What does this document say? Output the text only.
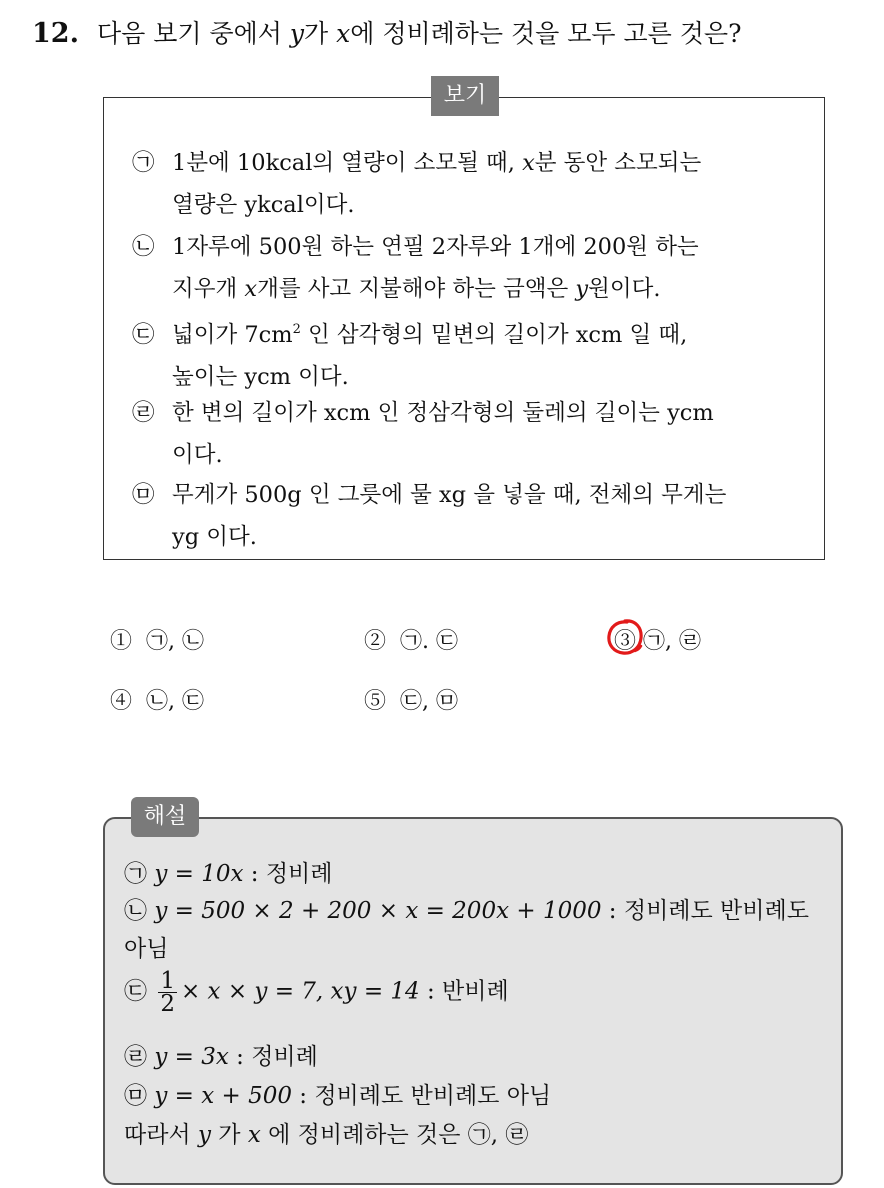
12. 다음 보기 중에서 y가 x에 정비례하는 것을 모두 고른 것은?
보기
㉠ 1분에 10kcal의 열량이 소모될 때, x분 동안 소모되는
열량은 ykcal이다.
㉡ 1자루에 500원 하는 연필 2자루와 1개에 200원 하는
지우개 x개를 사고 지불해야 하는 금액은 y원이다.
㉢ 넓이가 $7cm^2$ 인 삼각형의 밑변의 길이가 xcm 일 때,
높이는 ycm 이다.
㉣ 한 변의 길이가 xcm 인 정삼각형의 둘레의 길이는 ycm
이다.
㉤ 무게가 500g 인 그릇에 물 xg 을 넣을 때, 전체의 무게는
yg 이다.
① ㉠, ㉡	② ㉠. ㉢	③ ㉠, ㉣
④ ㉡, ㉢	⑤ ㉢, ㉤
해설
㉠ y = 10x : 정비례
㉡ y = 500 × 2 + 200 × x = 200x + 1000 : 정비례도 반비례도
아님
㉢ $\frac{1}{2} \times x \times y = 7$, xy = 14 : 반비례
㉣ y = 3x : 정비례
㉤ y = x + 500 : 정비례도 반비례도 아님
따라서 y 가 x 에 정비례하는 것은 ㉠, ㉣
